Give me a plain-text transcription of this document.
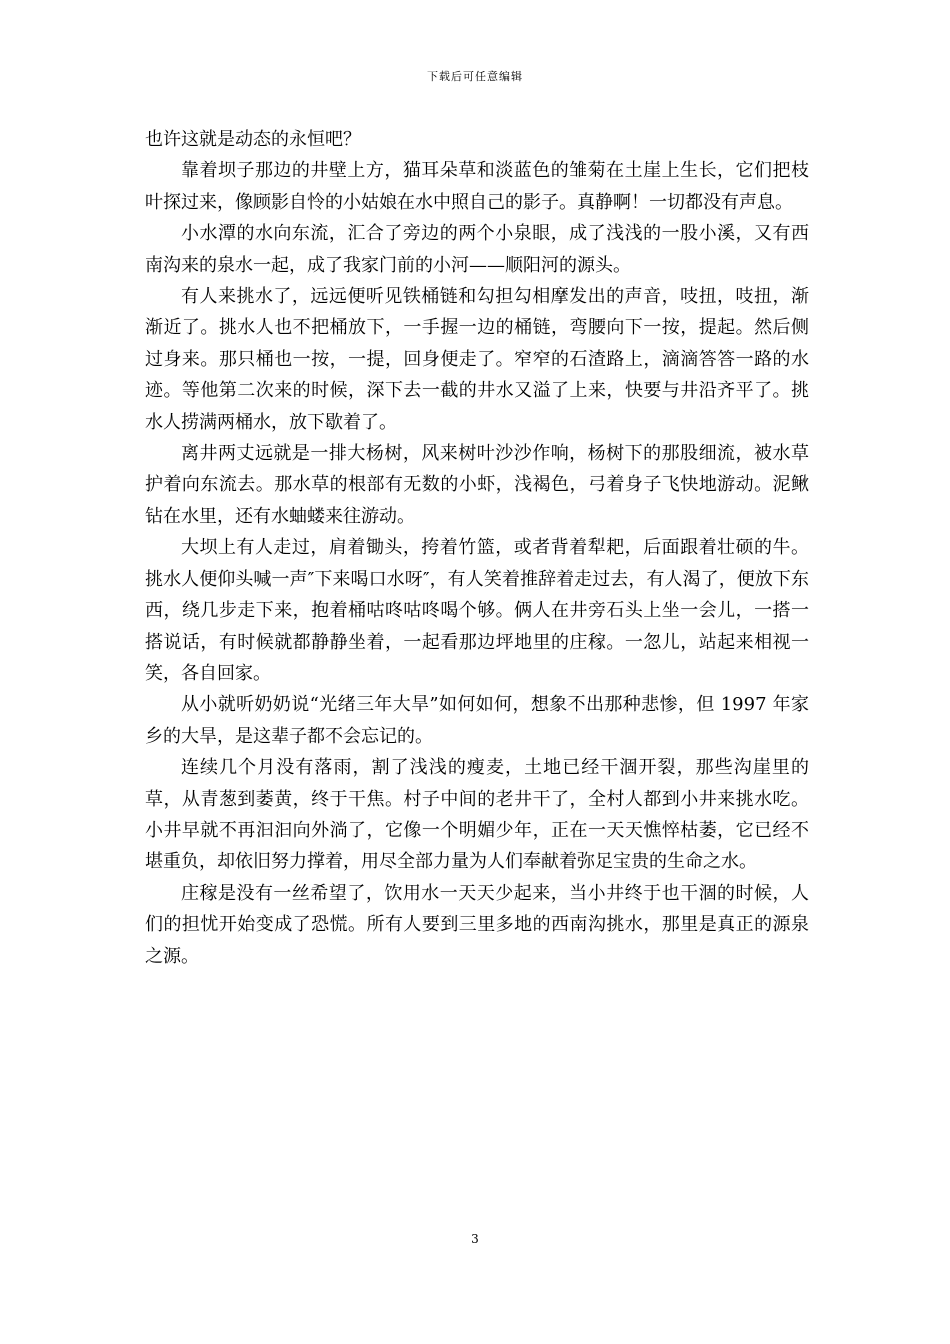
下载后可任意编辑

也许这就是动态的永恒吧？

靠着坝子那边的井壁上方，猫耳朵草和淡蓝色的雏菊在土崖上生长，它们把枝叶探过来，像顾影自怜的小姑娘在水中照自己的影子。真静啊！一切都没有声息。

小水潭的水向东流，汇合了旁边的两个小泉眼，成了浅浅的一股小溪，又有西南沟来的泉水一起，成了我家门前的小河——顺阳河的源头。

有人来挑水了，远远便听见铁桶链和勾担勾相摩发出的声音，吱扭，吱扭，渐渐近了。挑水人也不把桶放下，一手握一边的桶链，弯腰向下一按，提起。然后侧过身来。那只桶也一按，一提，回身便走了。窄窄的石渣路上，滴滴答答一路的水迹。等他第二次来的时候，深下去一截的井水又溢了上来，快要与井沿齐平了。挑水人捞满两桶水，放下歇着了。

离井两丈远就是一排大杨树，风来树叶沙沙作响，杨树下的那股细流，被水草护着向东流去。那水草的根部有无数的小虾，浅褐色，弓着身子飞快地游动。泥鳅钻在水里，还有水蚰蝼来往游动。

大坝上有人走过，肩着锄头，挎着竹篮，或者背着犁耙，后面跟着壮硕的牛。挑水人便仰头喊一声″下来喝口水呀″，有人笑着推辞着走过去，有人渴了，便放下东西，绕几步走下来，抱着桶咕咚咕咚喝个够。俩人在井旁石头上坐一会儿，一搭一搭说话，有时候就都静静坐着，一起看那边坪地里的庄稼。一忽儿，站起来相视一笑，各自回家。

从小就听奶奶说“光绪三年大旱”如何如何，想象不出那种悲惨，但 1997 年家乡的大旱，是这辈子都不会忘记的。

连续几个月没有落雨，割了浅浅的瘦麦，土地已经干涸开裂，那些沟崖里的草，从青葱到萎黄，终于干焦。村子中间的老井干了，全村人都到小井来挑水吃。小井早就不再汩汩向外淌了，它像一个明媚少年，正在一天天憔悴枯萎，它已经不堪重负，却依旧努力撑着，用尽全部力量为人们奉献着弥足宝贵的生命之水。

庄稼是没有一丝希望了，饮用水一天天少起来，当小井终于也干涸的时候，人们的担忧开始变成了恐慌。所有人要到三里多地的西南沟挑水，那里是真正的源泉之源。

3
